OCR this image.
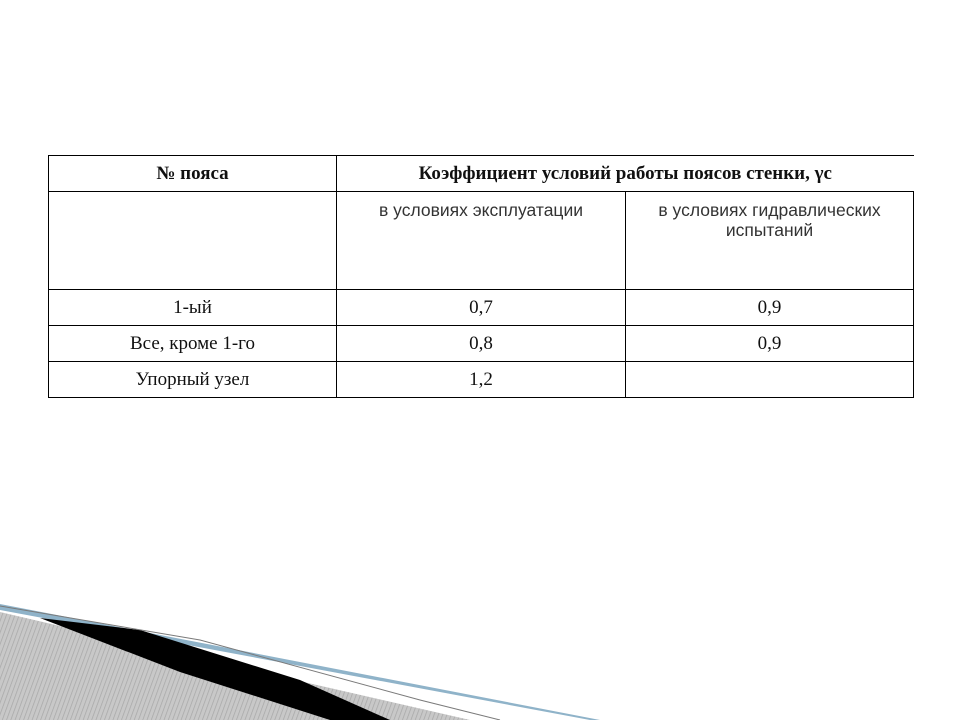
№ пояса	Коэффициент условий работы поясов стенки, γc	
	в условиях эксплуатации	в условиях гидравлических испытаний
1-ый	0,7	0,9
Все, кроме 1-го	0,8	0,9
Упорный узел	1,2	
